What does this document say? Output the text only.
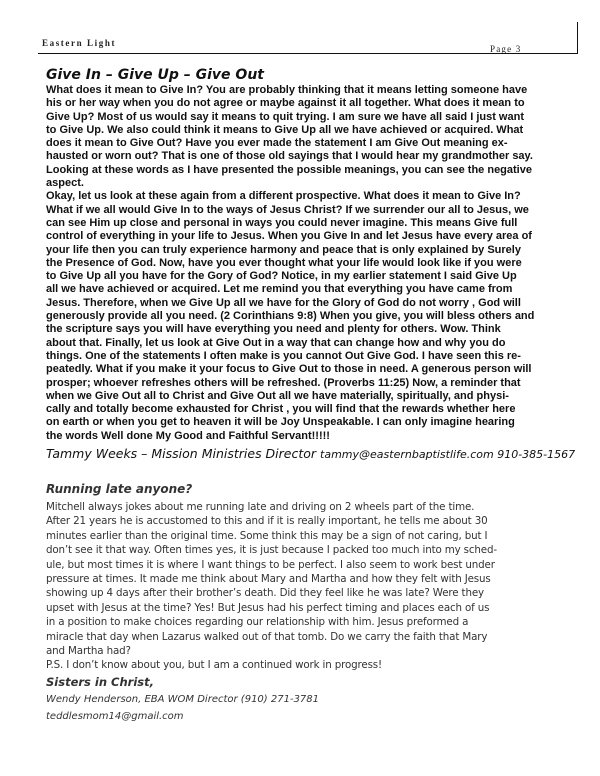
Eastern Light
Page 3
Give In – Give Up – Give Out

What does it mean to Give In? You are probably thinking that it means letting someone have
his or her way when you do not agree or maybe against it all together. What does it mean to
Give Up? Most of us would say it means to quit trying. I am sure we have all said I just want
to Give Up. We also could think it means to Give Up all we have achieved or acquired. What
does it mean to Give Out? Have you ever made the statement I am Give Out meaning ex-
hausted or worn out? That is one of those old sayings that I would hear my grandmother say.
Looking at these words as I have presented the possible meanings, you can see the negative
aspect.
Okay, let us look at these again from a different prospective. What does it mean to Give In?
What if we all would Give In to the ways of Jesus Christ? If we surrender our all to Jesus, we
can see Him up close and personal in ways you could never imagine. This means Give full
control of everything in your life to Jesus. When you Give In and let Jesus have every area of
your life then you can truly experience harmony and peace that is only explained by Surely
the Presence of God. Now, have you ever thought what your life would look like if you were
to Give Up all you have for the Gory of God? Notice, in my earlier statement I said Give Up
all we have achieved or acquired. Let me remind you that everything you have came from
Jesus. Therefore, when we Give Up all we have for the Glory of God do not worry , God will
generously provide all you need. (2 Corinthians 9:8) When you give, you will bless others and
the scripture says you will have everything you need and plenty for others. Wow. Think
about that. Finally, let us look at Give Out in a way that can change how and why you do
things. One of the statements I often make is you cannot Out Give God. I have seen this re-
peatedly. What if you make it your focus to Give Out to those in need. A generous person will
prosper; whoever refreshes others will be refreshed. (Proverbs 11:25) Now, a reminder that
when we Give Out all to Christ and Give Out all we have materially, spiritually, and physi-
cally and totally become exhausted for Christ , you will find that the rewards whether here
on earth or when you get to heaven it will be Joy Unspeakable. I can only imagine hearing
the words Well done My Good and Faithful Servant!!!!!

Tammy Weeks – Mission Ministries Director tammy@easternbaptistlife.com 910-385-1567

Running late anyone?

Mitchell always jokes about me running late and driving on 2 wheels part of the time.
After 21 years he is accustomed to this and if it is really important, he tells me about 30
minutes earlier than the original time. Some think this may be a sign of not caring, but I
don’t see it that way. Often times yes, it is just because I packed too much into my sched-
ule, but most times it is where I want things to be perfect. I also seem to work best under
pressure at times. It made me think about Mary and Martha and how they felt with Jesus
showing up 4 days after their brother’s death. Did they feel like he was late? Were they
upset with Jesus at the time? Yes! But Jesus had his perfect timing and places each of us
in a position to make choices regarding our relationship with him. Jesus preformed a
miracle that day when Lazarus walked out of that tomb. Do we carry the faith that Mary
and Martha had?
P.S. I don’t know about you, but I am a continued work in progress!

Sisters in Christ,

Wendy Henderson, EBA WOM Director (910) 271-3781

teddlesmom14@gmail.com
